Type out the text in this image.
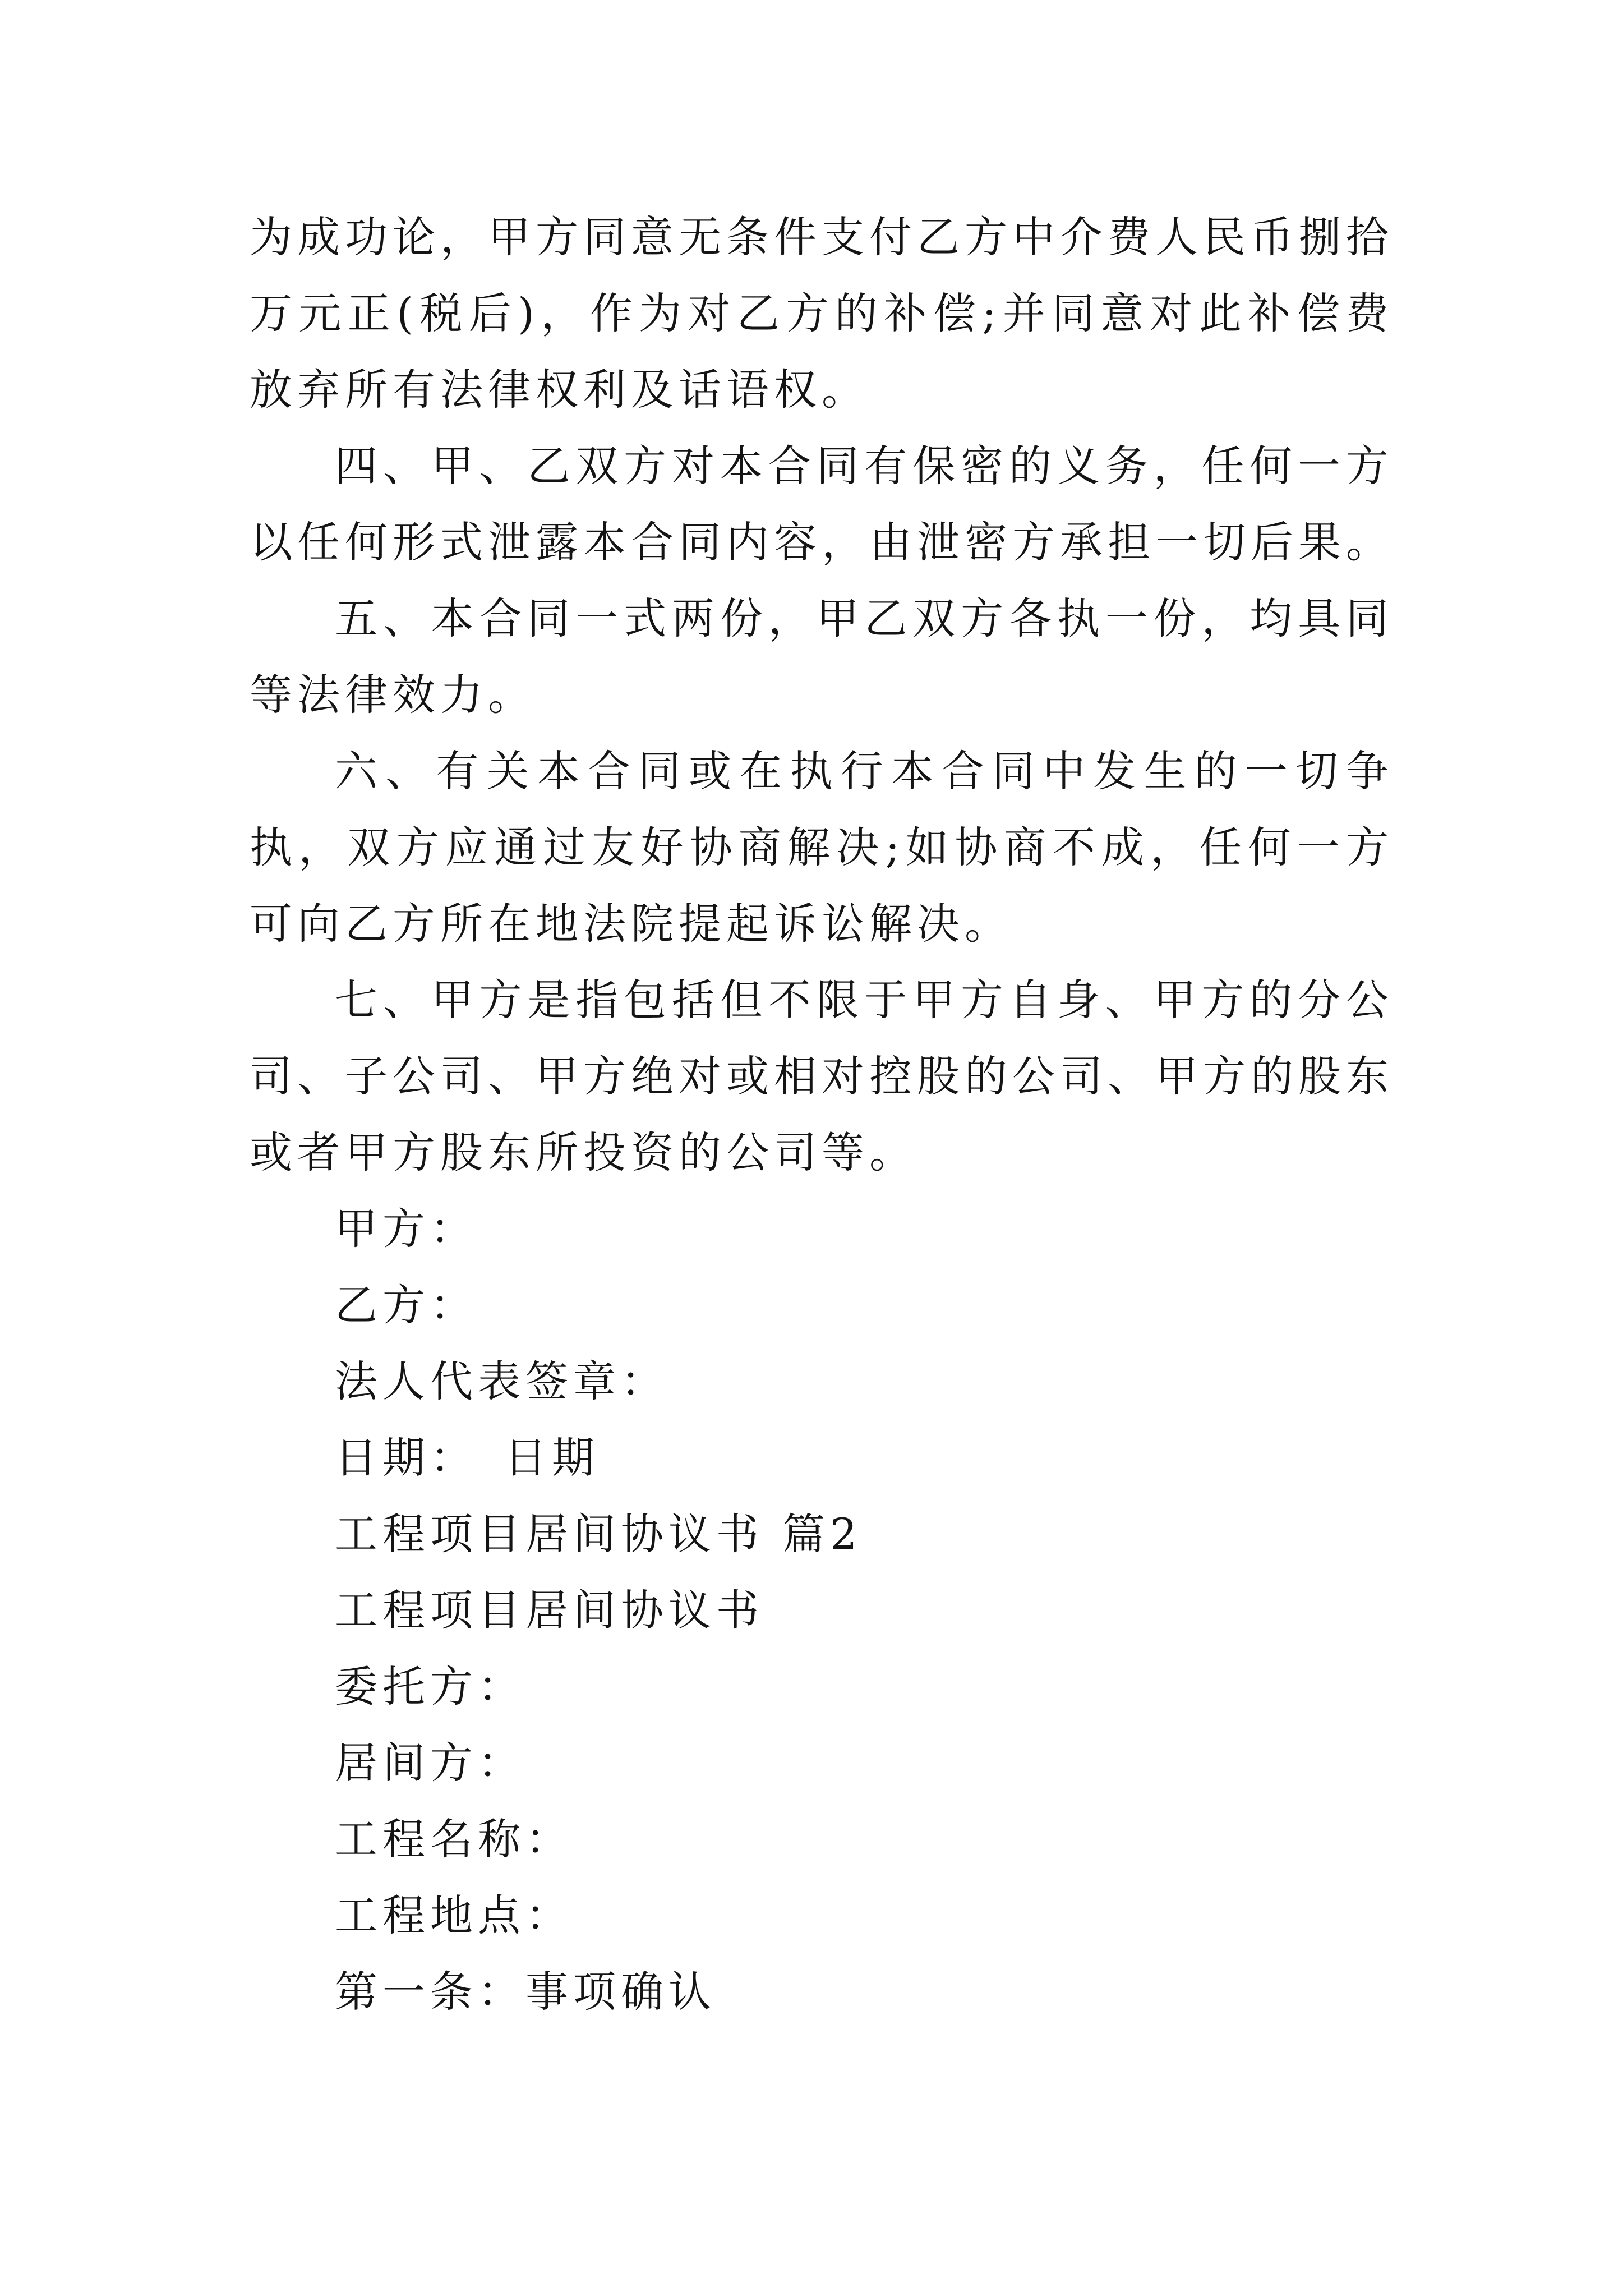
为成功论，甲方同意无条件支付乙方中介费人民币捌拾万元正(税后)，作为对乙方的补偿;并同意对此补偿费放弃所有法律权利及话语权。

四、甲、乙双方对本合同有保密的义务，任何一方以任何形式泄露本合同内容，由泄密方承担一切后果。

五、本合同一式两份，甲乙双方各执一份，均具同等法律效力。

六、有关本合同或在执行本合同中发生的一切争执，双方应通过友好协商解决;如协商不成，任何一方可向乙方所在地法院提起诉讼解决。

七、甲方是指包括但不限于甲方自身、甲方的分公司、子公司、甲方绝对或相对控股的公司、甲方的股东或者甲方股东所投资的公司等。

甲方：

乙方：

法人代表签章：

日期：　日期

工程项目居间协议书 篇2

工程项目居间协议书

委托方：

居间方：

工程名称：

工程地点：

第一条：事项确认
